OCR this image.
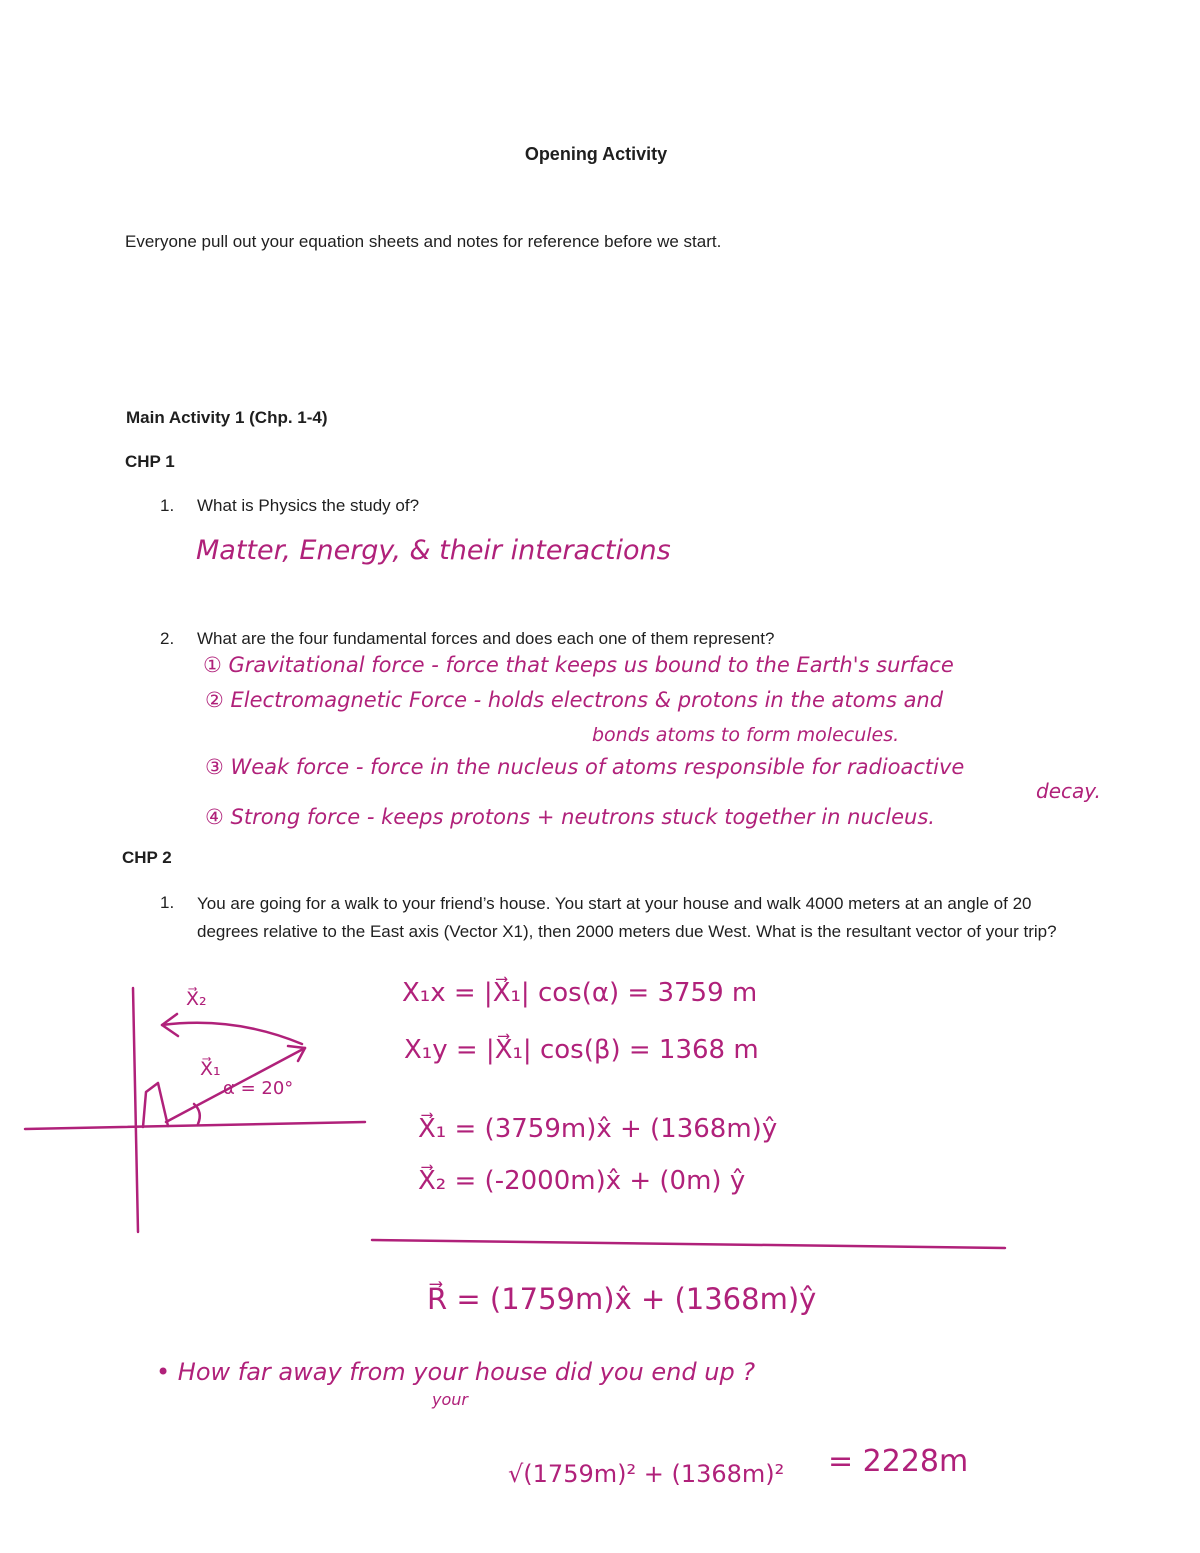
Opening Activity
Everyone pull out your equation sheets and notes for reference before we start.
Main Activity 1 (Chp. 1-4)
CHP 1
1. What is Physics the study of?
Matter, Energy, & their interactions
2. What are the four fundamental forces and does each one of them represent?
① Gravitational force - force that keeps us bound to the Earth's surface
② Electromagnetic Force - holds electrons & protons in the atoms and
bonds atoms to form molecules.
③ Weak force - force in the nucleus of atoms responsible for radioactive
decay.
④ Strong force - keeps protons + neutrons stuck together in nucleus.
CHP 2
1. You are going for a walk to your friend’s house. You start at your house and walk 4000 meters at an angle of 20 degrees relative to the East axis (Vector X1), then 2000 meters due West. What is the resultant vector of your trip?
X⃗₂
X⃗₁
α = 20°
X₁x = |X⃗₁| cos(α) = 3759 m
X₁y = |X⃗₁| cos(β) = 1368 m
X⃗₁ = (3759m)x̂ + (1368m)ŷ
X⃗₂ = (-2000m)x̂ + (0m) ŷ
R⃗ = (1759m)x̂ + (1368m)ŷ
• How far away from your house did you end up ?
your
√(1759m)² + (1368m)² = 2228m
